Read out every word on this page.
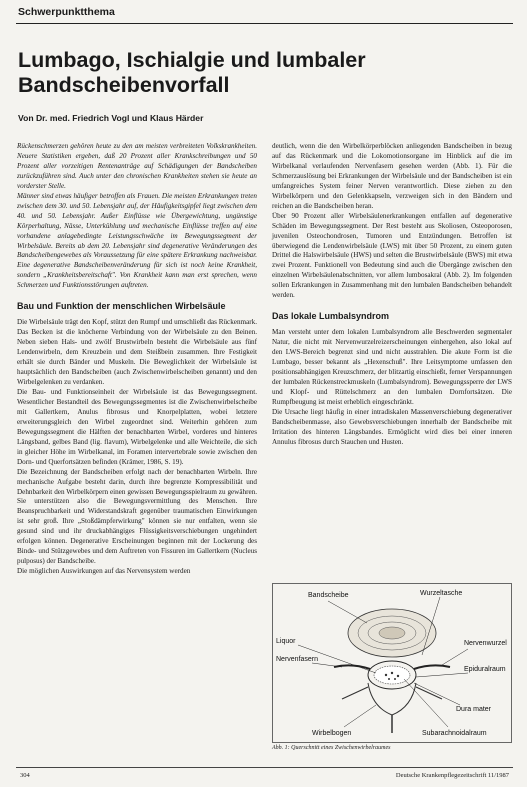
Schwerpunktthema
Lumbago, Ischialgie und lumbaler Bandscheibenvorfall
Von Dr. med. Friedrich Vogl und Klaus Härder

Rückenschmerzen gehören heute zu den am meisten verbreiteten Volkskrankheiten. Neuere Statistiken ergeben, daß 20 Prozent aller Krankschreibungen und 50 Prozent aller vorzeitigen Rentenanträge auf Schädigungen der Bandscheiben zurückzuführen sind. Auch unter den chronischen Krankheiten stehen sie heute an vorderster Stelle.

Männer sind etwas häufiger betroffen als Frauen. Die meisten Erkrankungen treten zwischen dem 30. und 50. Lebensjahr auf, der Häufigkeitsgipfel liegt zwischen dem 40. und 50. Lebensjahr. Außer Einflüsse wie Übergewichtung, ungünstige Körperhaltung, Nässe, Unterkühlung und mechanische Einflüsse treffen auf eine vorhandene anlagebedingte Leistungsschwäche im Bewegungssegment der Wirbelsäule. Bereits ab dem 20. Lebensjahr sind degenerative Veränderungen des Bandscheibengewebes als Voraussetzung für eine spätere Erkrankung nachweisbar. Eine degenerative Bandscheibenveränderung für sich ist noch keine Krankheit, sondern „Krankheitsbereitschaft". Von Krankheit kann man erst sprechen, wenn Schmerzen und Funktionsstörungen auftreten.

Bau und Funktion der menschlichen Wirbelsäule

Die Wirbelsäule trägt den Kopf, stützt den Rumpf und umschließt das Rückenmark. Das Becken ist die knöcherne Verbindung von der Wirbelsäule zu den Beinen. Neben sieben Hals- und zwölf Brustwirbeln besteht die Wirbelsäule aus fünf Lendenwirbeln, dem Kreuzbein und dem Steißbein zusammen. Ihre Festigkeit erhält sie durch Bänder und Muskeln. Die Beweglichkeit der Wirbelsäule ist hauptsächlich den Bandscheiben (auch Zwischenwirbelscheiben genannt) und den Wirbelgelenken zu verdanken.

Die Bau- und Funktionseinheit der Wirbelsäule ist das Bewegungssegment. Wesentlicher Bestandteil des Bewegungssegmentes ist die Zwischenwirbelscheibe mit Gallertkern, Anulus fibrosus und Knorpelplatten, wobei letztere erweiterungsgleich den Wirbel zugeordnet sind. Weiterhin gehören zum Bewegungssegment die Hälften der benachbarten Wirbel, vorderes und hinteres Längsband, gelbes Band (lig. flavum), Wirbelgelenke und alle Weichteile, die sich in gleicher Höhe im Wirbelkanal, im Foramen intervertebrale sowie zwischen den Dorn- und Querfortsätzen befinden (Krämer, 1986, S. 19).

Die Bezeichnung der Bandscheiben erfolgt nach der benachbarten Wirbeln. Ihre mechanische Aufgabe besteht darin, durch ihre begrenzte Kompressibilität und Dehnbarkeit den Wirbelkörpern einen gewissen Bewegungsspielraum zu gewähren. Sie unterstützen also die Bewegungsvermittlung des Menschen. Ihre Beanspruchbarkeit und Widerstandskraft gegenüber traumatischen Einwirkungen ist sehr groß. Ihre „Stoßdämpferwirkung" können sie nur entfalten, wenn sie gesund sind und ihr druckabhängiges Flüssigkeitsverschiebungen ungehindert erfolgen können. Degenerative Erscheinungen beginnen mit der Lockerung des Binde- und Stützgewebes und dem Auftreten von Fissuren im Gallertkern (Nucleus pulposus) der Bandscheibe.

Die möglichen Auswirkungen auf das Nervensystem werden

deutlich, wenn die den Wirbelkörperblöcken anliegenden Bandscheiben in bezug auf das Rückenmark und die Lokomotionsorgane im Hinblick auf die im Wirbelkanal verlaufenden Nervenfasern gesehen werden (Abb. 1). Für die Schmerzauslösung bei Erkrankungen der Wirbelsäule und der Bandscheiben ist ein umfangreiches System feiner Nerven verantwortlich. Diese ziehen zu den Wirbelkörpern und den Gelenkkapseln, verzweigen sich in den Bändern und reichen an die Bandscheiben heran.

Über 90 Prozent aller Wirbelsäulenerkrankungen entfallen auf degenerative Schäden im Bewegungssegment. Der Rest besteht aus Skoliosen, Osteoporosen, juvenilen Osteochondrosen, Tumoren und Entzündungen. Betroffen ist überwiegend die Lendenwirbelsäule (LWS) mit über 50 Prozent, zu einem guten Drittel die Halswirbelsäule (HWS) und selten die Brustwirbelsäule (BWS) mit etwa zwei Prozent. Funktionell von Bedeutung sind auch die Übergänge zwischen den einzelnen Wirbelsäulenabschnitten, vor allem lumbosakral (Abb. 2). Im folgenden sollen Erkrankungen in Zusammenhang mit den lumbalen Bandscheiben behandelt werden.

Das lokale Lumbalsyndrom

Man versteht unter dem lokalen Lumbalsyndrom alle Beschwerden segmentaler Natur, die nicht mit Nervenwurzelreizerscheinungen einhergehen, also lokal auf den LWS-Bereich begrenzt sind und nicht ausstrahlen. Die akute Form ist die Lumbago, besser bekannt als „Hexenschuß". Ihre Leitsymptome umfassen den positionsabhängigen Kreuzschmerz, der blitzartig einschießt, ferner Verspannungen der lumbalen Rückenstreckmuskeln (Lumbalsyndrom). Bewegungssperre der LWS und Klopf- und Rüttelschmerz an den lumbalen Dornfortsätzen. Die Rumpfbeugung ist meist erheblich eingeschränkt.

Die Ursache liegt häufig in einer intradiskalen Massenverschiebung degenerativer Bandscheibenmasse, also Gewebsverschiebungen innerhalb der Bandscheibe mit Irritation des hinteren Längsbandes. Ermöglicht wird dies bei einer inneren Annulus fibrosus durch Stauchen und Husten.

Bandscheibe	Wurzeltasche
Liquor
Nervenfasern
Nervenwurzel
Epiduralraum
Dura mater
Wirbelbogen	Subarachnoidalraum
Abb. 1: Querschnitt eines Zwischenwirbelraumes
304	Deutsche Krankenpflegezeitschrift 11/1987
